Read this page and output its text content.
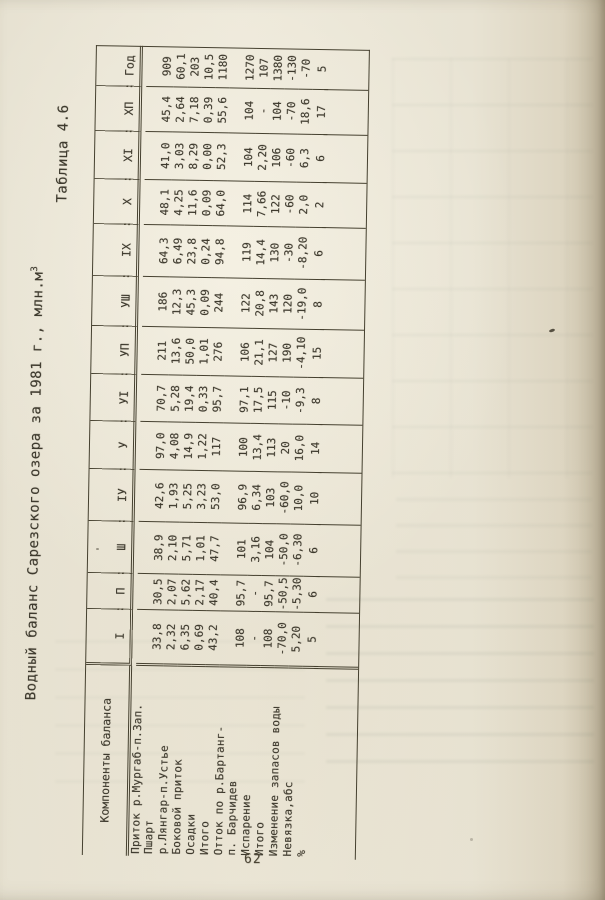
Водный баланс Сарезского озера за 1981 г., $млн.м^3$
Таблица 4.6
Компоненты баланса
І
: П
: Ш
: ІУ
: У
: УІ
: УП
: УШ
: ІХ
: Х
: ХІ
: ХП
: Год
Приток р.Мургаб-п.Зап.
Пшарт
33,8
30,5
38,9
42,6
97,0
70,7
211
186
64,3
48,1
41,0
45,4
909
р.Лянгар-п.Устье
2,32
2,07
2,10
1,93
4,08
5,28
13,6
12,3
6,49
4,25
3,03
2,64
60,1
Боковой приток
6,35
5,62
5,71
5,25
14,9
19,4
50,0
45,3
23,8
11,6
8,29
7,18
203
Осадки
0,69
2,17
1,01
3,23
1,22
0,33
1,01
0,09
0,24
0,09
0,00
0,39
10,5
Итого
43,2
40,4
47,7
53,0
117
95,7
276
244
94,8
64,0
52,3
55,6
1180
Отток по р.Бартанг-
п. Барчидев
108
95,7
101
96,9
100
97,1
106
122
119
114
104
104
1270
Испарение
-
-
3,16
6,34
13,4
17,5
21,1
20,8
14,4
7,66
2,20
-
107
Итого
108
95,7
104
103
113
115
127
143
130
122
106
104
1380
Изменение запасов воды
-70,0
-50,5
-50,0
-60,0
20
-10
190
120
-30
-60
-60
-70
-130
Невязка,абс
5,20
-5,30
-6,30
10,0
16,0
-9,3
-4,10
-19,0
-8,20
2,0
6,3
18,6
-70
%
5
6
6
10
14
8
15
8
6
2
6
17
5
62
